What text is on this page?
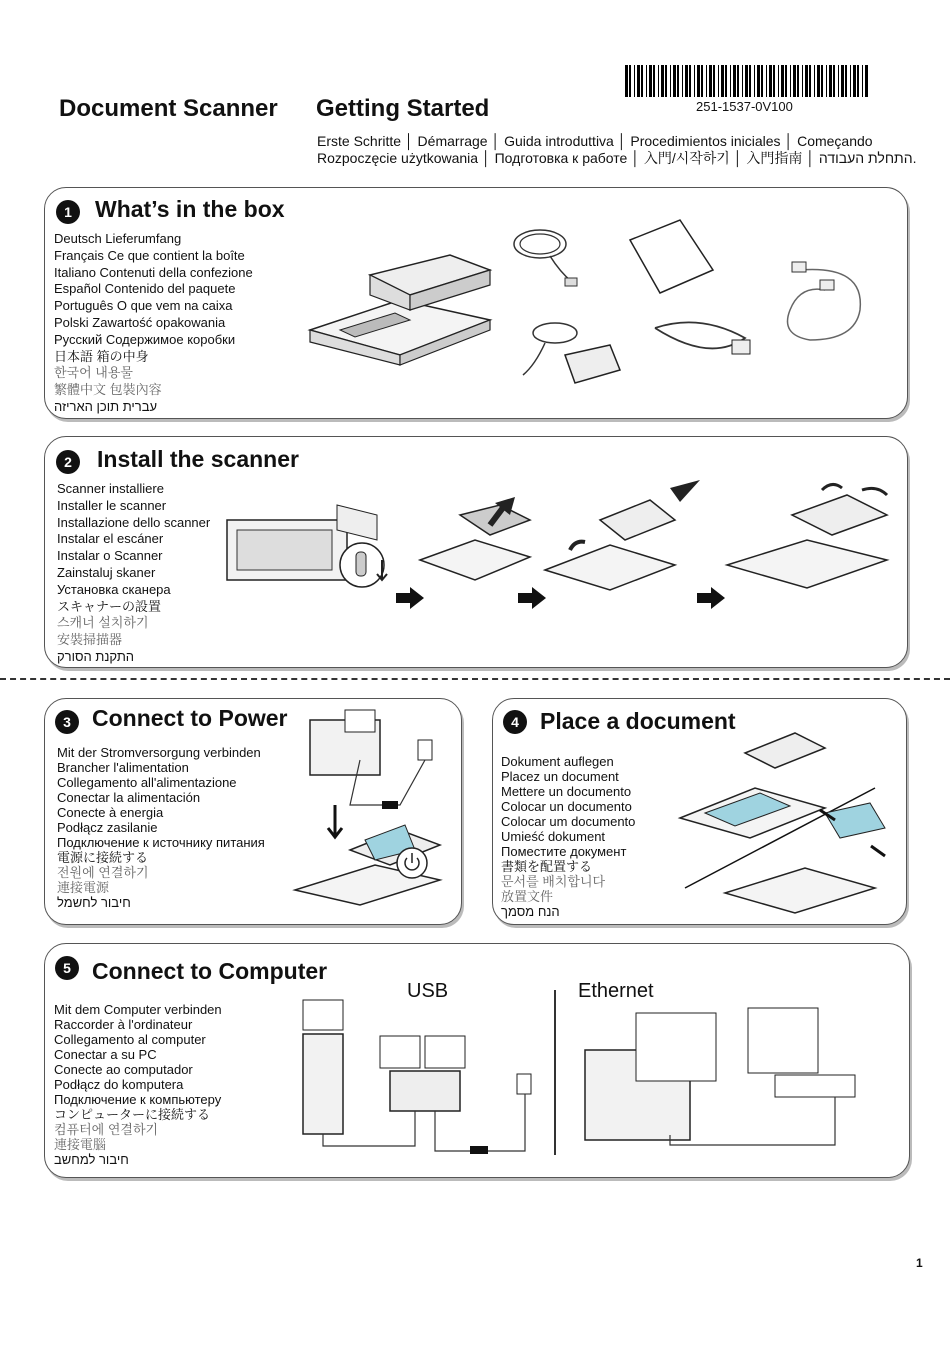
Document Scanner Getting Started	251-1537-0V100
Erste Schritte │ Démarrage │ Guida introduttiva │ Procedimientos iniciales │ Começando
Rozpoczęcie użytkowania │ Подготовка к работе │ 入門/시작하기 │ 入門指南 │ התחלת העבודה.
1	What’s in the box
Deutsch Lieferumfang
Français Ce que contient la boîte
Italiano Contenuti della confezione
Español Contenido del paquete
Português O que vem na caixa
Polski Zawartość opakowania
Русский Содержимое коробки
日本語 箱の中身
한국어 내용물
繁體中文 包裝內容
עברית תוכן האריזה
2	Install the scanner
Scanner installiere
Installer le scanner
Installazione dello scanner
Instalar el escáner
Instalar o Scanner
Zainstaluj skaner
Установка сканера
スキャナーの設置
스캐너 설치하기
安裝掃描器
התקנת הסורק
3 Connect to Power
Mit der Stromversorgung verbinden
Brancher l'alimentation
Collegamento all'alimentazione
Conectar la alimentación
Conecte à energia
Podłącz zasilanie
Подключение к источнику питания
電源に接続する
전원에 연결하기
連接電源
חיבור לחשמל
4 Place a document
Dokument auflegen
Placez un document
Mettere un documento
Colocar un documento
Colocar um documento
Umieść dokument
Поместите документ
書類を配置する
문서를 배치합니다
放置文件
הנח מסמך
5 Connect to Computer
Mit dem Computer verbinden
Raccorder à l'ordinateur
Collegamento al computer
Conectar a su PC
Conecte ao computador
Podłącz do komputera
Подключение к компьютеру
コンピューターに接続する
컴퓨터에 연결하기
連接電腦
חיבור למחשב
USB	Ethernet
1
